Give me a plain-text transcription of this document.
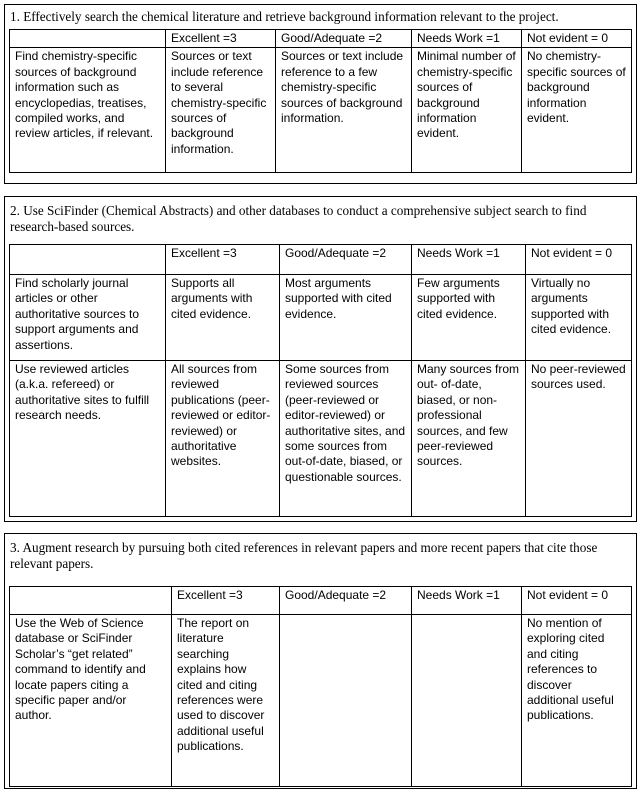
1. Effectively search the chemical literature and retrieve background information relevant to the project.
	Excellent =3	Good/Adequate =2	Needs Work =1	Not evident = 0
Find chemistry-specific sources of background information such as encyclopedias, treatises, compiled works, and review articles, if relevant.	Sources or text include reference to several chemistry-specific sources of background information.	Sources or text include reference to a few chemistry-specific sources of background information.	Minimal number of chemistry-specific sources of background information evident.	No chemistry-specific sources of background information evident.
2. Use SciFinder (Chemical Abstracts) and other databases to conduct a comprehensive subject search to find research-based sources.
	Excellent =3	Good/Adequate =2	Needs Work =1	Not evident = 0
Find scholarly journal articles or other authoritative sources to support arguments and assertions.	Supports all arguments with cited evidence.	Most arguments supported with cited evidence.	Few arguments supported with cited evidence.	Virtually no arguments supported with cited evidence.
Use reviewed articles (a.k.a. refereed) or authoritative sites to fulfill research needs.	All sources from reviewed publications (peer-reviewed or editor-reviewed) or authoritative websites.	Some sources from reviewed sources (peer-reviewed or editor-reviewed) or authoritative sites, and some sources from out-of-date, biased, or questionable sources.	Many sources from out- of-date, biased, or non-professional sources, and few peer-reviewed sources.	No peer-reviewed sources used.
3. Augment research by pursuing both cited references in relevant papers and more recent papers that cite those relevant papers.
	Excellent =3	Good/Adequate =2	Needs Work =1	Not evident = 0
Use the Web of Science database or SciFinder Scholar’s “get related” command to identify and locate papers citing a specific paper and/or author.	The report on literature searching explains how cited and citing references were used to discover additional useful publications.			No mention of exploring cited and citing references to discover additional useful publications.
